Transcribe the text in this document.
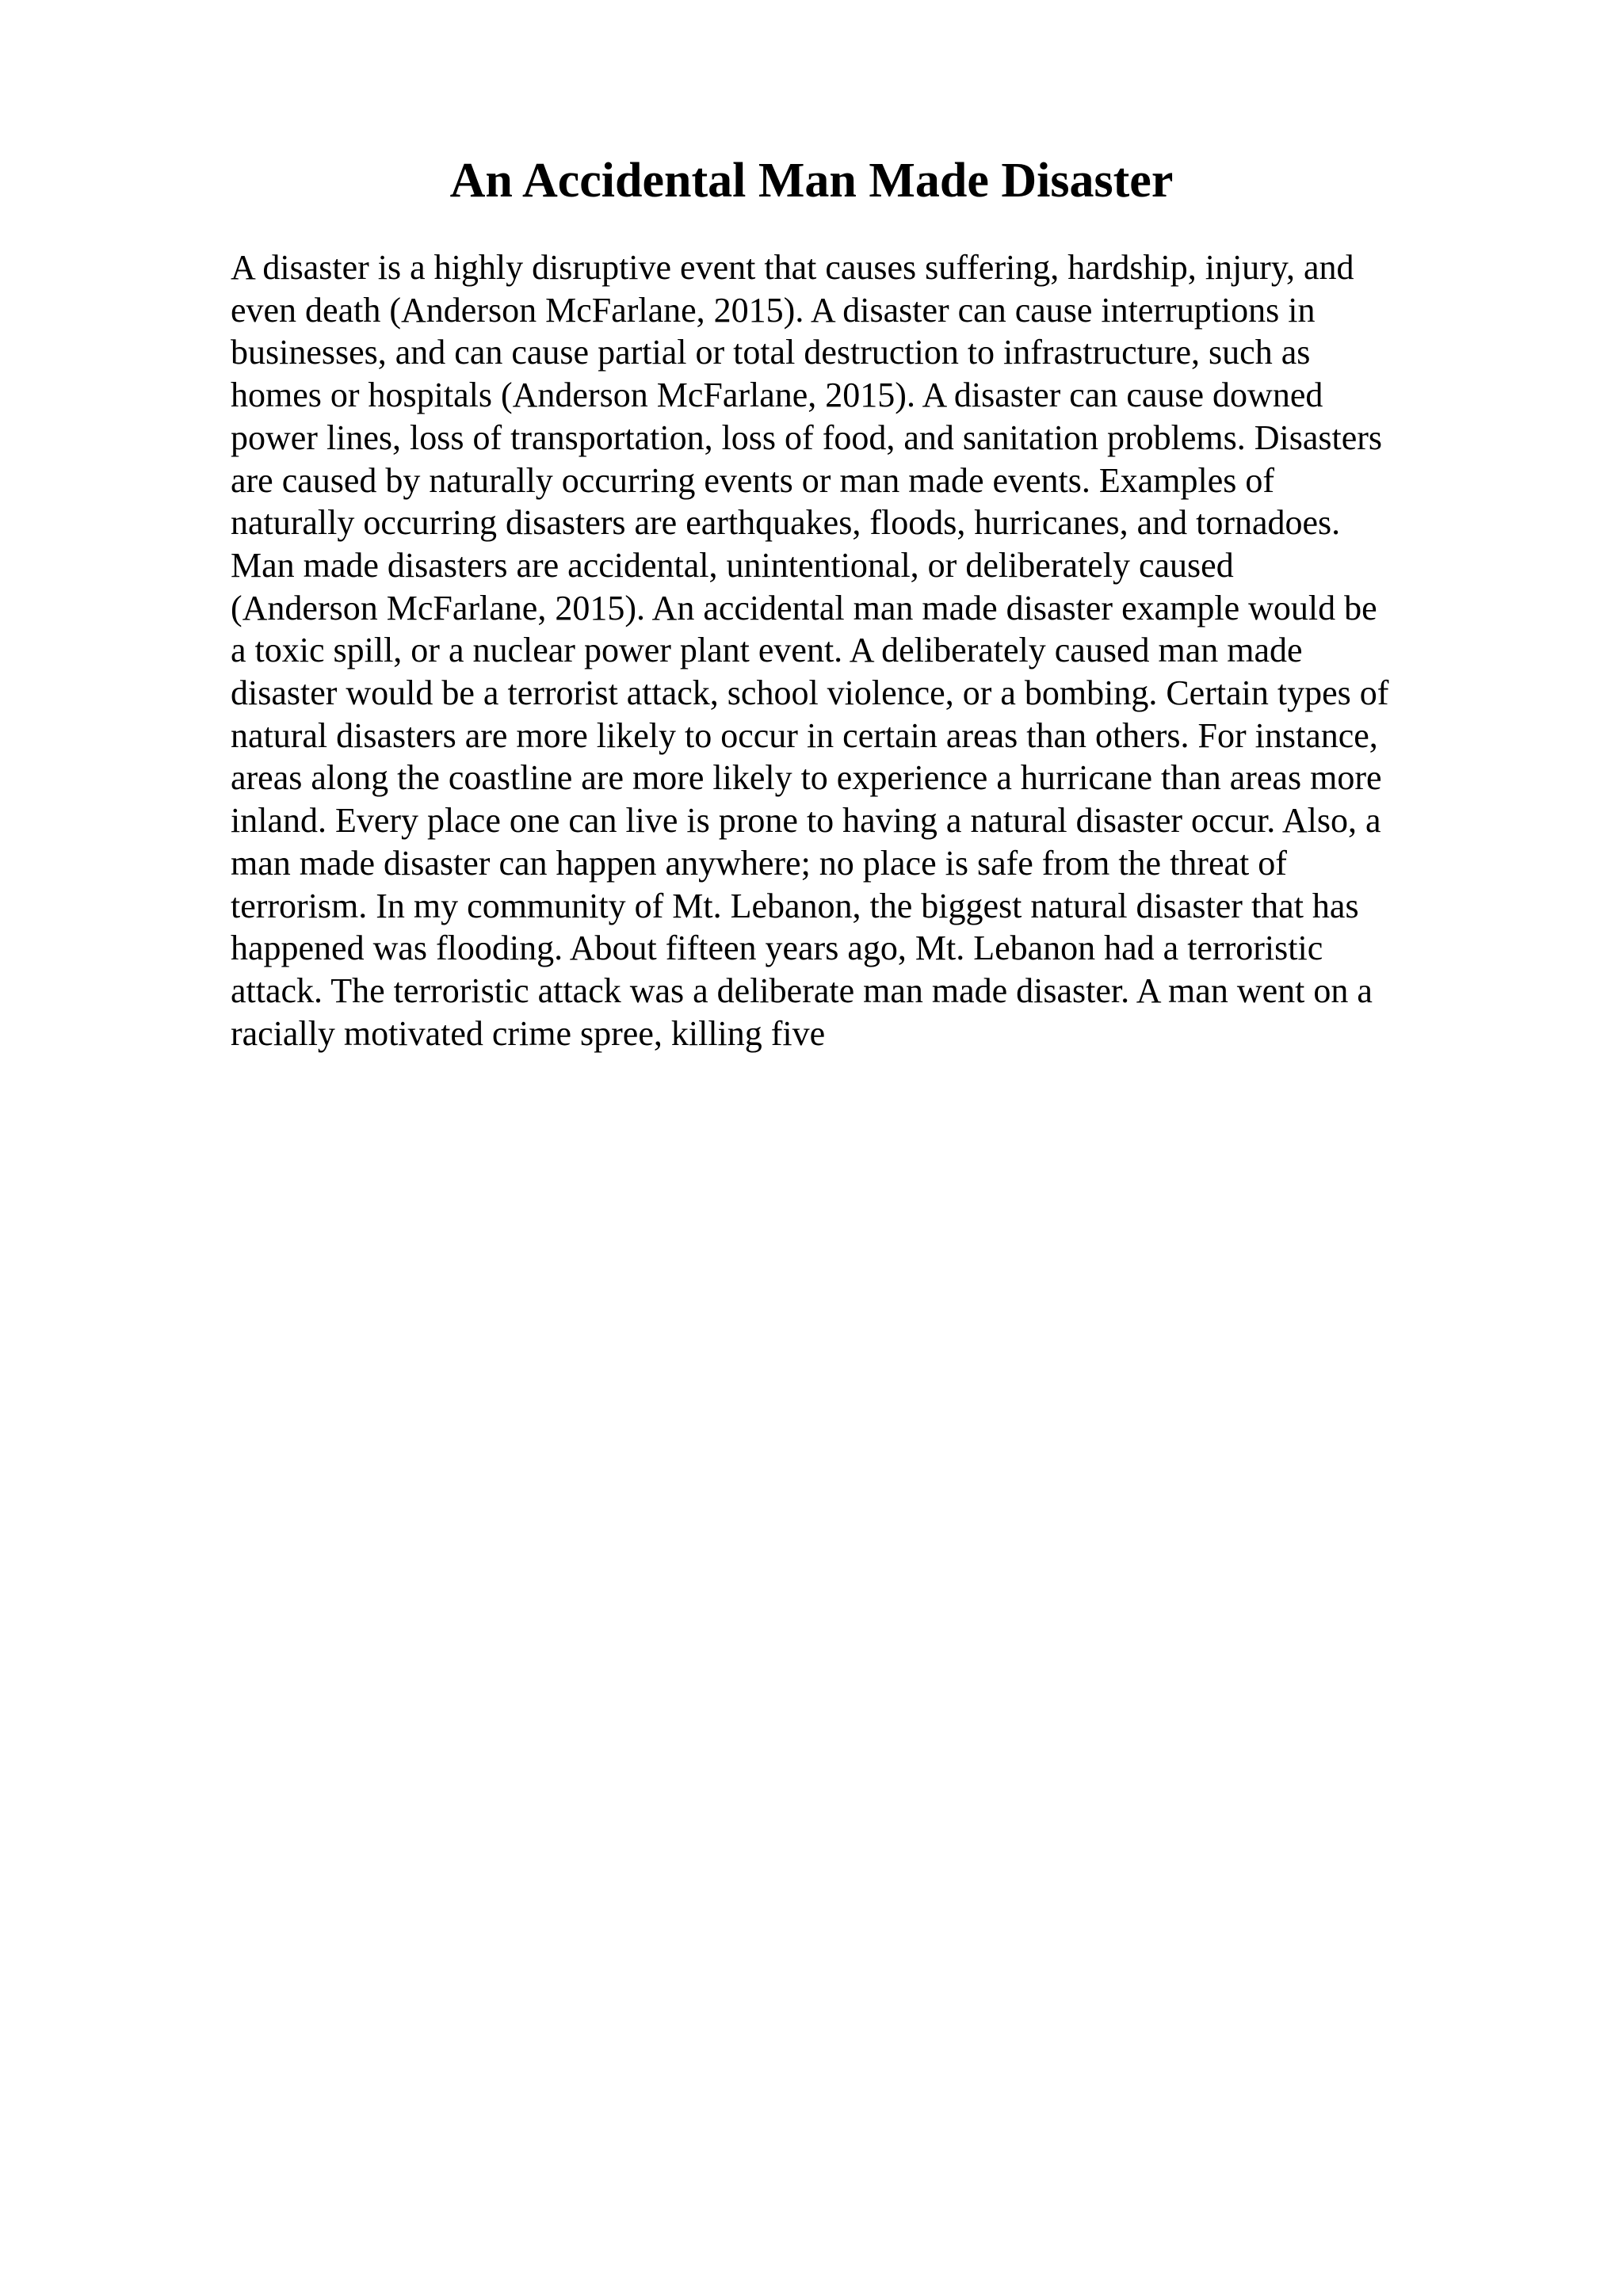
An Accidental Man Made Disaster
A disaster is a highly disruptive event that causes suffering, hardship, injury, and
even death (Anderson McFarlane, 2015). A disaster can cause interruptions in
businesses, and can cause partial or total destruction to infrastructure, such as
homes or hospitals (Anderson McFarlane, 2015). A disaster can cause downed
power lines, loss of transportation, loss of food, and sanitation problems. Disasters
are caused by naturally occurring events or man made events. Examples of
naturally occurring disasters are earthquakes, floods, hurricanes, and tornadoes.
Man made disasters are accidental, unintentional, or deliberately caused
(Anderson McFarlane, 2015). An accidental man made disaster example would be
a toxic spill, or a nuclear power plant event. A deliberately caused man made
disaster would be a terrorist attack, school violence, or a bombing. Certain types of
natural disasters are more likely to occur in certain areas than others. For instance,
areas along the coastline are more likely to experience a hurricane than areas more
inland. Every place one can live is prone to having a natural disaster occur. Also, a
man made disaster can happen anywhere; no place is safe from the threat of
terrorism. In my community of Mt. Lebanon, the biggest natural disaster that has
happened was flooding. About fifteen years ago, Mt. Lebanon had a terroristic
attack. The terroristic attack was a deliberate man made disaster. A man went on a
racially motivated crime spree, killing five
